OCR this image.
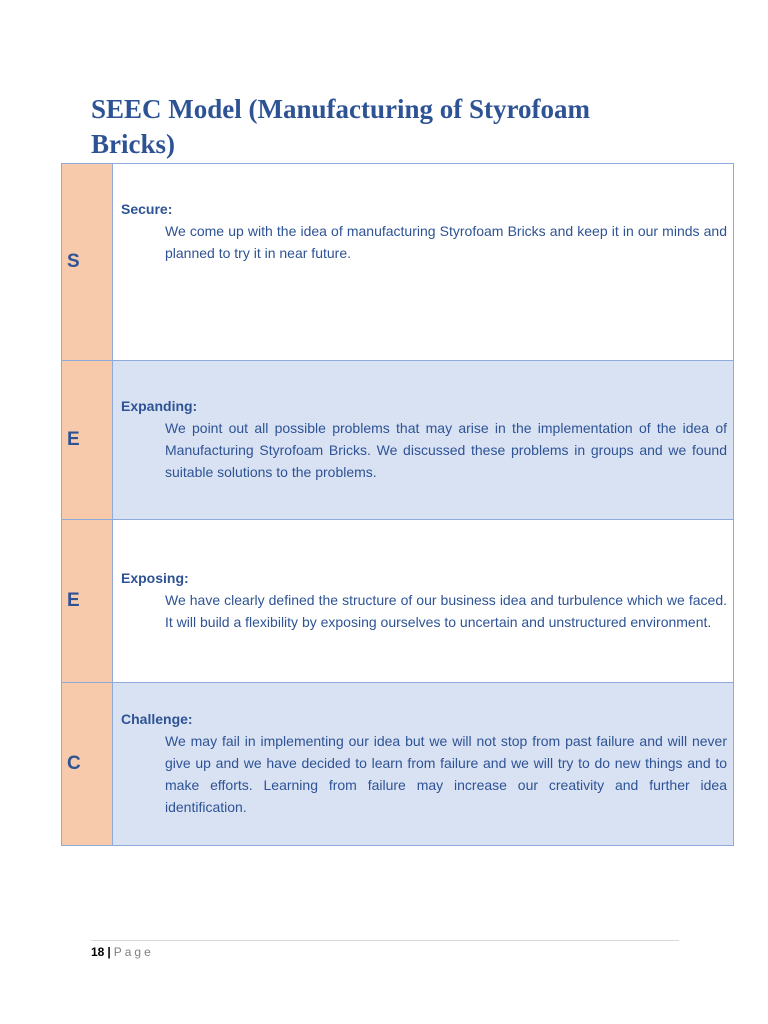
SEEC Model (Manufacturing of Styrofoam Bricks)
S	Secure:
We come up with the idea of manufacturing Styrofoam Bricks and keep it in our minds and planned to try it in near future.

E	Expanding:
We point out all possible problems that may arise in the implementation of the idea of Manufacturing Styrofoam Bricks. We discussed these problems in groups and we found suitable solutions to the problems.

E	Exposing:
We have clearly defined the structure of our business idea and turbulence which we faced. It will build a flexibility by exposing ourselves to uncertain and unstructured environment.

C	Challenge:
We may fail in implementing our idea but we will not stop from past failure and will never give up and we have decided to learn from failure and we will try to do new things and to make efforts. Learning from failure may increase our creativity and further idea identification.
18 | Page
